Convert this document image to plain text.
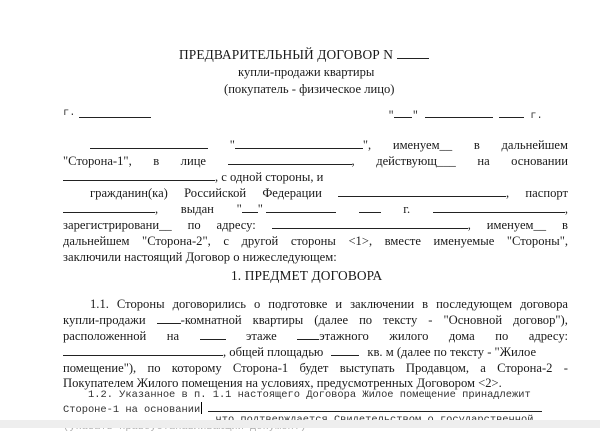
ПРЕДВАРИТЕЛЬНЫЙ ДОГОВОР N
купли-продажи квартиры
(покупатель - физическое лицо)
г.	" "	г.
"	", именуем__ в дальнейшем
"Сторона-1", в лице	, действующ___ на основании
, с одной стороны, и
гражданин(ка) Российской Федерации	, паспорт
, выдан " "	г.	,
зарегистрировани__ по адресу:	, именуем__ в
дальнейшем "Сторона-2", с другой стороны <1>, вместе именуемые "Стороны",
заключили настоящий Договор о нижеследующем:
1. ПРЕДМЕТ ДОГОВОРА
1.1. Стороны договорились о подготовке и заключении в последующем договора
купли-продажи	-комнатной квартиры (далее по тексту - "Основной договор"),
расположенной на	этаже	этажного жилого дома по адресу:
, общей площадью	кв. м (далее по тексту - "Жилое
помещение"), по которому Сторона-1 будет выступать Продавцом, а Сторона-2 -
Покупателем Жилого помещения на условиях, предусмотренных Договором <2>.
1.2. Указанное в п. 1.1 настоящего Договора Жилое помещение принадлежит
Стороне-1 на основании
